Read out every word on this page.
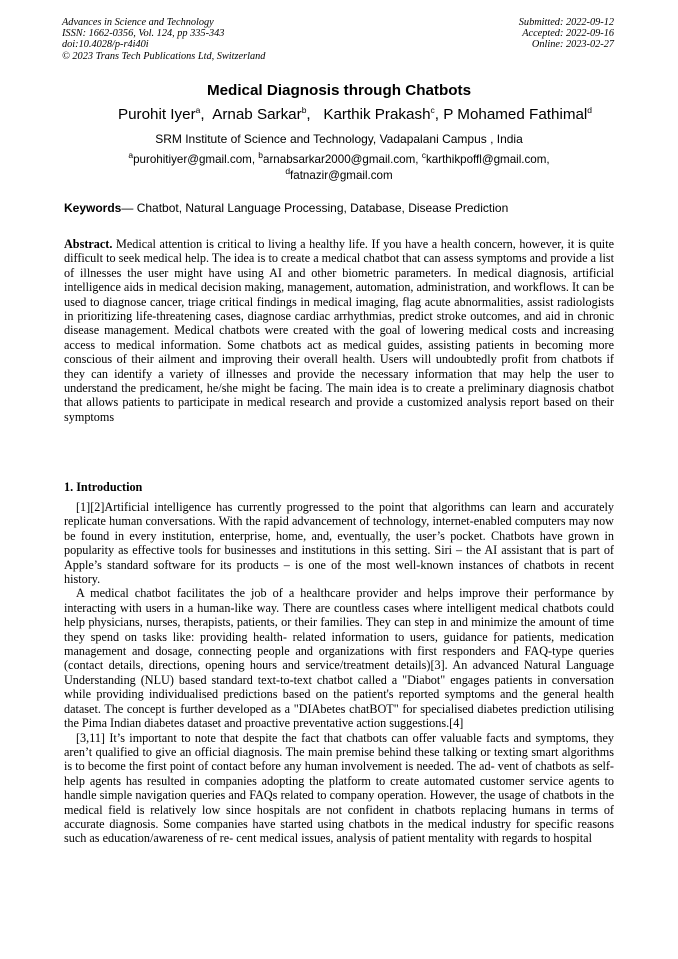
Advances in Science and Technology
ISSN: 1662-0356, Vol. 124, pp 335-343
doi:10.4028/p-r4i40i
© 2023 Trans Tech Publications Ltd, Switzerland
Submitted: 2022-09-12
Accepted: 2022-09-16
Online: 2023-02-27
Medical Diagnosis through Chatbots
Purohit Iyer$^a$,  Arnab Sarkar$^b$,   Karthik Prakash$^c$, P Mohamed Fathimal$^d$
SRM Institute of Science and Technology, Vadapalani Campus , India
$^a$purohitiyer@gmail.com, $^b$arnabsarkar2000@gmail.com, $^c$karthikpoffl@gmail.com,
$^d$fatnazir@gmail.com
Keywords— Chatbot, Natural Language Processing, Database, Disease Prediction
Abstract. Medical attention is critical to living a healthy life. If you have a health concern, however, it is quite difficult to seek medical help. The idea is to create a medical chatbot that can assess symptoms and provide a list of illnesses the user might have using AI and other biometric parameters. In medical diagnosis, artificial intelligence aids in medical decision making, management, automation, administration, and workflows. It can be used to diagnose cancer, triage critical findings in medical imaging, flag acute abnormalities, assist radiologists in prioritizing life-threatening cases, diagnose cardiac arrhythmias, predict stroke outcomes, and aid in chronic disease management. Medical chatbots were created with the goal of lowering medical costs and increasing access to medical information. Some chatbots act as medical guides, assisting patients in becoming more conscious of their ailment and improving their overall health. Users will undoubtedly profit from chatbots if they can identify a variety of illnesses and provide the necessary information that may help the user to understand the predicament, he/she might be facing. The main idea is to create a preliminary diagnosis chatbot that allows patients to participate in medical research and provide a customized analysis report based on their symptoms
1. Introduction

[1][2]Artificial intelligence has currently progressed to the point that algorithms can learn and accurately replicate human conversations. With the rapid advancement of technology, internet-enabled computers may now be found in every institution, enterprise, home, and, eventually, the user’s pocket. Chatbots have grown in popularity as effective tools for businesses and institutions in this setting. Siri – the AI assistant that is part of Apple’s standard software for its products – is one of the most well-known instances of chatbots in recent history.

A medical chatbot facilitates the job of a healthcare provider and helps improve their performance by interacting with users in a human-like way. There are countless cases where intelligent medical chatbots could help physicians, nurses, therapists, patients, or their families. They can step in and minimize the amount of time they spend on tasks like: providing health- related information to users, guidance for patients, medication management and dosage, connecting people and organizations with first responders and FAQ-type queries (contact details, directions, opening hours and service/treatment details)[3]. An advanced Natural Language Understanding (NLU) based standard text-to-text chatbot called a "Diabot" engages patients in conversation while providing individualised predictions based on the patient's reported symptoms and the general health dataset. The concept is further developed as a "DIAbetes chatBOT" for specialised diabetes prediction utilising the Pima Indian diabetes dataset and proactive preventative action suggestions.[4]

[3,11] It’s important to note that despite the fact that chatbots can offer valuable facts and symptoms, they aren’t qualified to give an official diagnosis. The main premise behind these talking or texting smart algorithms is to become the first point of contact before any human involvement is needed. The ad- vent of chatbots as self-help agents has resulted in companies adopting the platform to create automated customer service agents to handle simple navigation queries and FAQs related to company operation. However, the usage of chatbots in the medical field is relatively low since hospitals are not confident in chatbots replacing humans in terms of accurate diagnosis. Some companies have started using chatbots in the medical industry for specific reasons such as education/awareness of re- cent medical issues, analysis of patient mentality with regards to hospital
